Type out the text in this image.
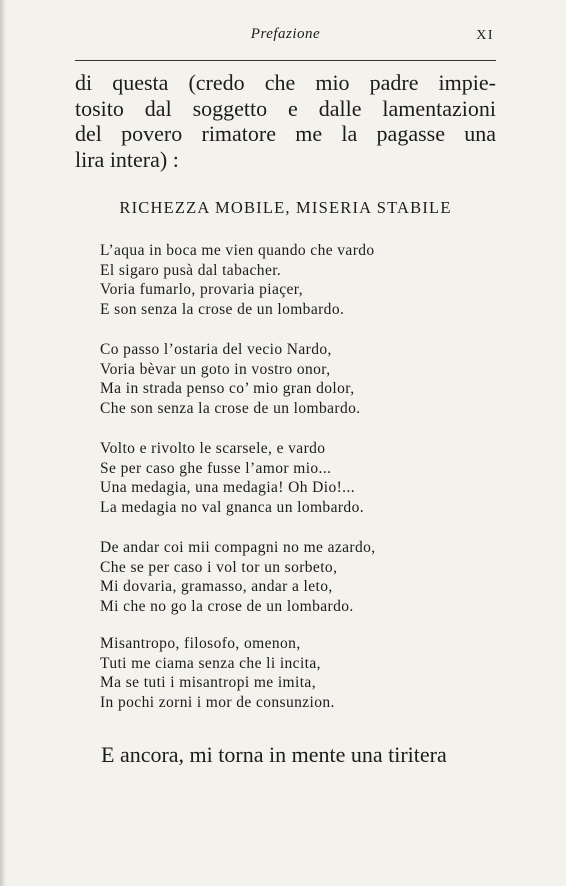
Prefazione	XI
di questa (credo che mio padre impie-
tosito dal soggetto e dalle lamentazioni
del povero rimatore me la pagasse una
lira intera) :
RICHEZZA MOBILE, MISERIA STABILE
L’aqua in boca me vien quando che vardo
El sigaro pusà dal tabacher.
Voria fumarlo, provaria piaçer,
E son senza la crose de un lombardo.
Co passo l’ostaria del vecio Nardo,
Voria bèvar un goto in vostro onor,
Ma in strada penso co’ mio gran dolor,
Che son senza la crose de un lombardo.
Volto e rivolto le scarsele, e vardo
Se per caso ghe fusse l’amor mio...
Una medagia, una medagia! Oh Dio!...
La medagia no val gnanca un lombardo.
De andar coi mii compagni no me azardo,
Che se per caso i vol tor un sorbeto,
Mi dovaria, gramasso, andar a leto,
Mi che no go la crose de un lombardo.
Misantropo, filosofo, omenon,
Tuti me ciama senza che li incita,
Ma se tuti i misantropi me imita,
In pochi zorni i mor de consunzion.
E ancora, mi torna in mente una tiritera
